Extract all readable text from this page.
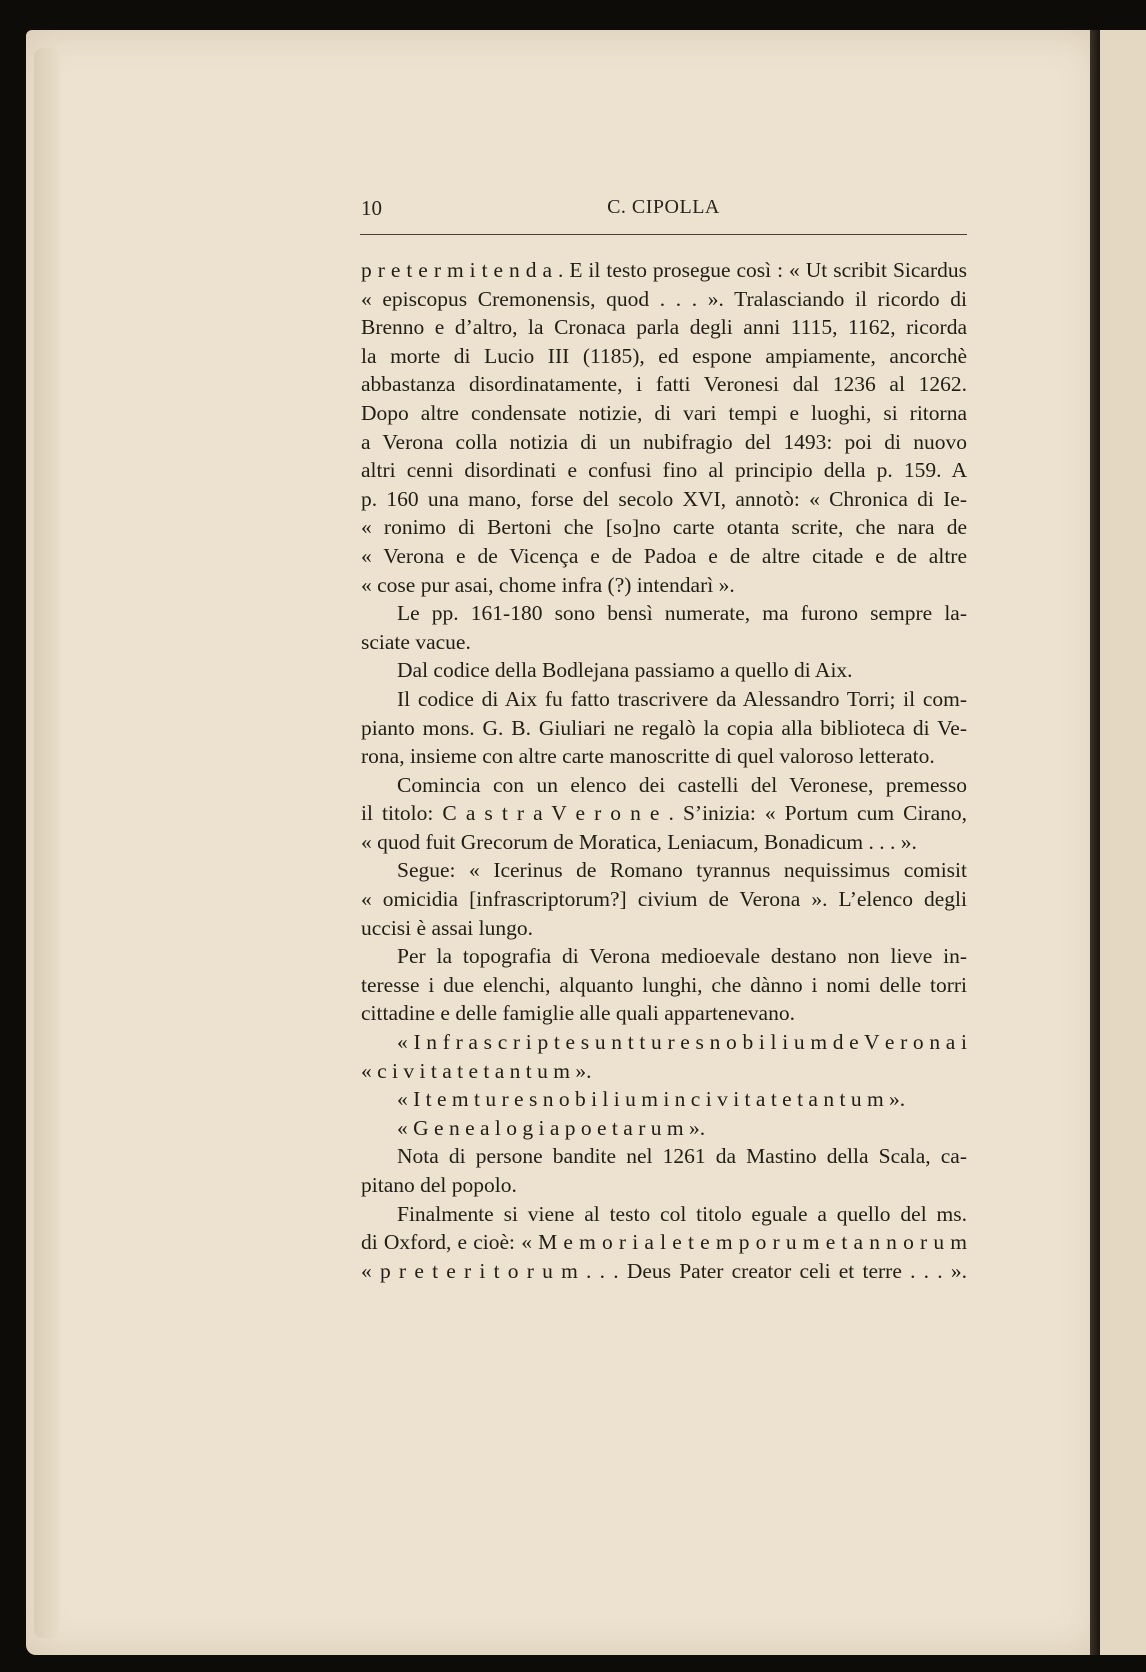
10	C. CIPOLLA
p r e t e r m i t e n d a . E il testo prosegue così : « Ut scribit Sicardus
« episcopus Cremonensis, quod . . . ». Tralasciando il ricordo di
Brenno e d’altro, la Cronaca parla degli anni 1115, 1162, ricorda
la morte di Lucio III (1185), ed espone ampiamente, ancorchè
abbastanza disordinatamente, i fatti Veronesi dal 1236 al 1262.
Dopo altre condensate notizie, di vari tempi e luoghi, si ritorna
a Verona colla notizia di un nubifragio del 1493: poi di nuovo
altri cenni disordinati e confusi fino al principio della p. 159. A
p. 160 una mano, forse del secolo XVI, annotò: « Chronica di Ie-
« ronimo di Bertoni che [so]no carte otanta scrite, che nara de
« Verona e de Vicença e de Padoa e de altre citade e de altre
« cose pur asai, chome infra (?) intendarì ».
Le pp. 161-180 sono bensì numerate, ma furono sempre la-
sciate vacue.
Dal codice della Bodlejana passiamo a quello di Aix.
Il codice di Aix fu fatto trascrivere da Alessandro Torri; il com-
pianto mons. G. B. Giuliari ne regalò la copia alla biblioteca di Ve-
rona, insieme con altre carte manoscritte di quel valoroso letterato.
Comincia con un elenco dei castelli del Veronese, premesso
il titolo: C a s t r a V e r o n e . S’inizia: « Portum cum Cirano,
« quod fuit Grecorum de Moratica, Leniacum, Bonadicum . . . ».
Segue: « Icerinus de Romano tyrannus nequissimus comisit
« omicidia [infrascriptorum?] civium de Verona ». L’elenco degli
uccisi è assai lungo.
Per la topografia di Verona medioevale destano non lieve in-
teresse i due elenchi, alquanto lunghi, che dànno i nomi delle torri
cittadine e delle famiglie alle quali appartenevano.
« I n f r a s c r i p t e s u n t t u r e s n o b i l i u m d e V e r o n a i
« c i v i t a t e t a n t u m ».
« I t e m t u r e s n o b i l i u m i n c i v i t a t e t a n t u m ».
« G e n e a l o g i a p o e t a r u m ».
Nota di persone bandite nel 1261 da Mastino della Scala, ca-
pitano del popolo.
Finalmente si viene al testo col titolo eguale a quello del ms.
di Oxford, e cioè: « M e m o r i a l e t e m p o r u m e t a n n o r u m
« p r e t e r i t o r u m . . . Deus Pater creator celi et terre . . . ».
